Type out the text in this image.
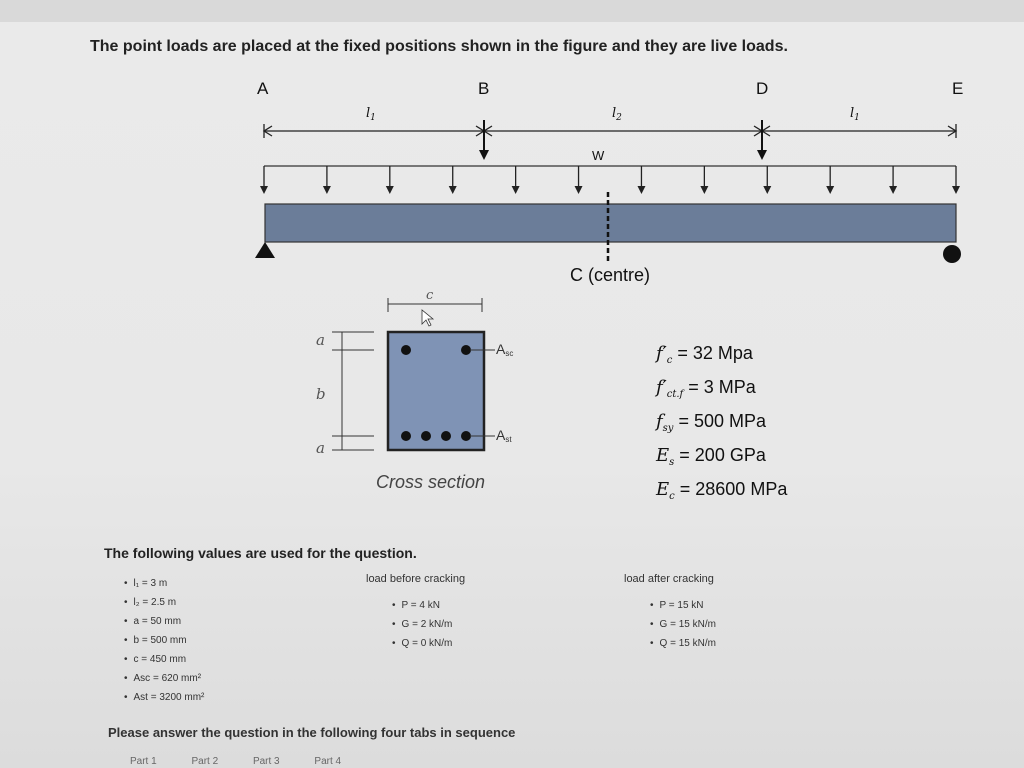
The point loads are placed at the fixed positions shown in the figure and they are live loads.
A	B	D	E
$l_1$	$l_2$	$l_1$
W
C (centre)
c
a
b
a
Asc
Ast
Cross section
$f'_c = 32$ Mpa
$f'_{ct.f} = 3$ MPa
$f_{sy} = 500$ MPa
$E_s = 200$ GPa
$E_c = 28600$ MPa
The following values are used for the question.
• l₁ = 3 m
• l₂ = 2.5 m
• a = 50 mm
• b = 500 mm
• c = 450 mm
• Asc = 620 mm²
• Ast = 3200 mm²
load before cracking
• P = 4 kN
• G = 2 kN/m
• Q = 0 kN/m
load after cracking
• P = 15 kN
• G = 15 kN/m
• Q = 15 kN/m
Please answer the question in the following four tabs in sequence
Part 1	Part 2	Part 3	Part 4
